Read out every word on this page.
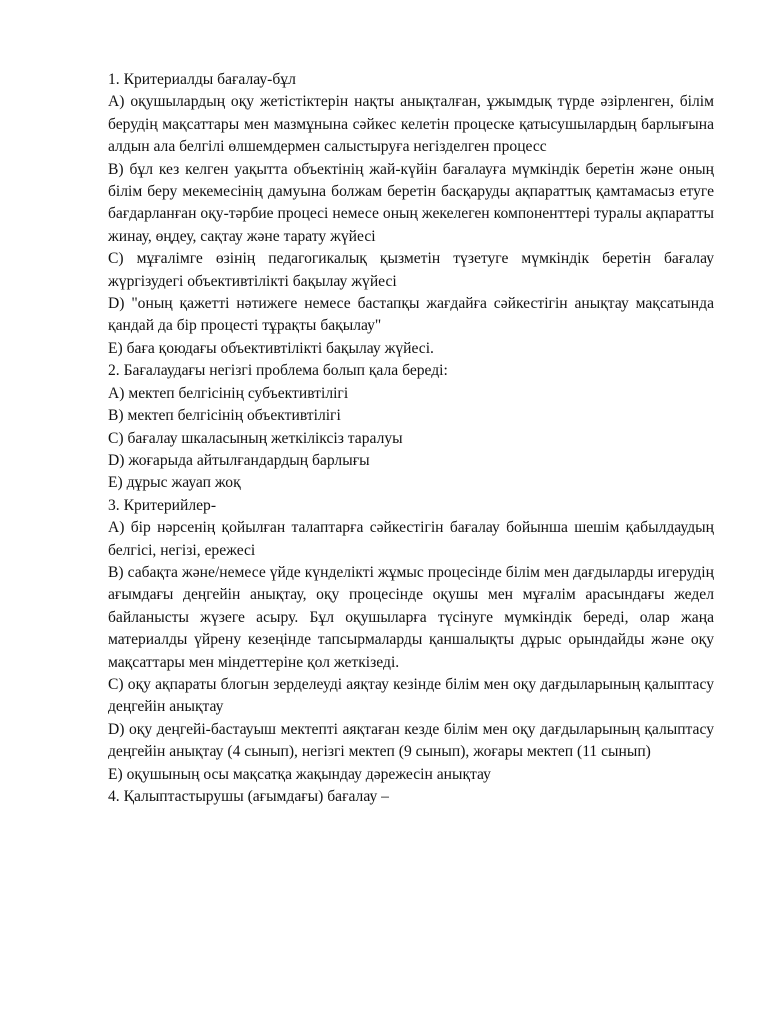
1. Критериалды бағалау-бұл

А) оқушылардың оқу жетістіктерін нақты анықталған, ұжымдық түрде әзірленген, білім берудің мақсаттары мен мазмұнына сәйкес келетін процеске қатысушылардың барлығына алдын ала белгілі өлшемдермен салыстыруға негізделген процесс

В) бұл кез келген уақытта объектінің жай-күйін бағалауға мүмкіндік беретін және оның білім беру мекемесінің дамуына болжам беретін басқаруды ақпараттық қамтамасыз етуге бағдарланған оқу-тәрбие процесі немесе оның жекелеген компоненттері туралы ақпаратты жинау, өңдеу, сақтау және тарату жүйесі

С) мұғалімге өзінің педагогикалық қызметін түзетуге мүмкіндік беретін бағалау жүргізудегі объективтілікті бақылау жүйесі

D) "оның қажетті нәтижеге немесе бастапқы жағдайға сәйкестігін анықтау мақсатында қандай да бір процесті тұрақты бақылау"

Е) баға қоюдағы объективтілікті бақылау жүйесі.

2. Бағалаудағы негізгі проблема болып қала береді:

А) мектеп белгісінің субъективтілігі

В) мектеп белгісінің объективтілігі

С) бағалау шкаласының жеткіліксіз таралуы

D) жоғарыда айтылғандардың барлығы

Е) дұрыс жауап жоқ

3. Критерийлер-

А) бір нәрсенің қойылған талаптарға сәйкестігін бағалау бойынша шешім қабылдаудың белгісі, негізі, ережесі

В) сабақта және/немесе үйде күнделікті жұмыс процесінде білім мен дағдыларды игерудің ағымдағы деңгейін анықтау, оқу процесінде оқушы мен мұғалім арасындағы жедел байланысты жүзеге асыру. Бұл оқушыларға түсінуге мүмкіндік береді, олар жаңа материалды үйрену кезеңінде тапсырмаларды қаншалықты дұрыс орындайды және оқу мақсаттары мен міндеттеріне қол жеткізеді.

С) оқу ақпараты блогын зерделеуді аяқтау кезінде білім мен оқу дағдыларының қалыптасу деңгейін анықтау

D) оқу деңгейі-бастауыш мектепті аяқтаған кезде білім мен оқу дағдыларының қалыптасу деңгейін анықтау (4 сынып), негізгі мектеп (9 сынып), жоғары мектеп (11 сынып)

Е) оқушының осы мақсатқа жақындау дәрежесін анықтау

4. Қалыптастырушы (ағымдағы) бағалау –
